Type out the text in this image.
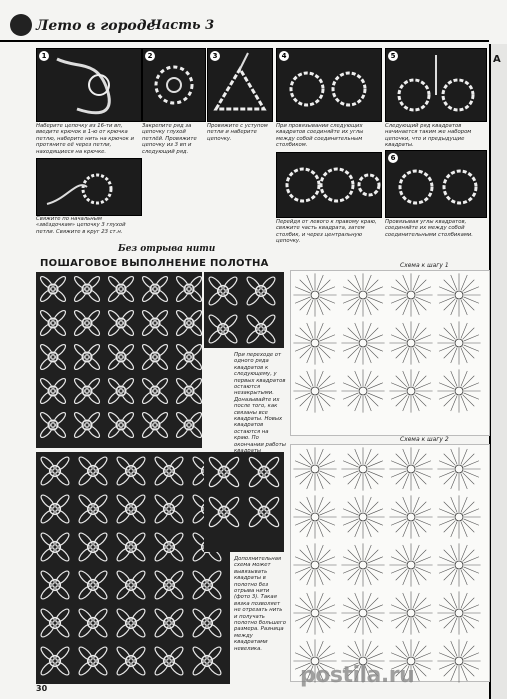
Лето в городе
Часть 3
А
1	2	3	4	5
Наберите цепочку из 16-ти вп, введите крючок в 1-ю от крючка петлю, наберите нить на крючок и протяните её через петли, находящиеся на крючке.
Закрепите ряд за цепочку глухой петлёй. Провяжите цепочку из 3 вп и следующий ряд.
Провяжите с уступом петли и наберите цепочку.
При провязывании следующих квадратов соединяйте их углы между собой соединительным столбиком.
Следующий ряд квадратов начинается таким же набором цепочки, что и предыдущие квадраты.
Свяжите по начальным «звёздочкам» цепочку 3 глухой петли. Свяжите в круг 23 ст.н.
6
Перейдя от левого к правому краю, свяжите часть квадрата, затем столбик, и через центральную цепочку.
Провязывая углы квадратов, соединяйте их между собой соединительными столбиками.
Без отрыва нити
ПОШАГОВОЕ ВЫПОЛНЕНИЕ ПОЛОТНА
При переходе от одного ряда квадратов к следующему, у первых квадратов остаются незакрытыми. Доназывайте их после того, как связаны все квадраты. Новых квадратов остаются на краю. По окончании работы
Дополнительная схема может вывязывать квадраты в полотно без отрыва нити (фото 3). Такая вязка позволяет не отрезать нить и получать полотно большего размера. Разница между квадратами невелика.
Схема к шагу 1
Схема к шагу 2
30
postila.ru
